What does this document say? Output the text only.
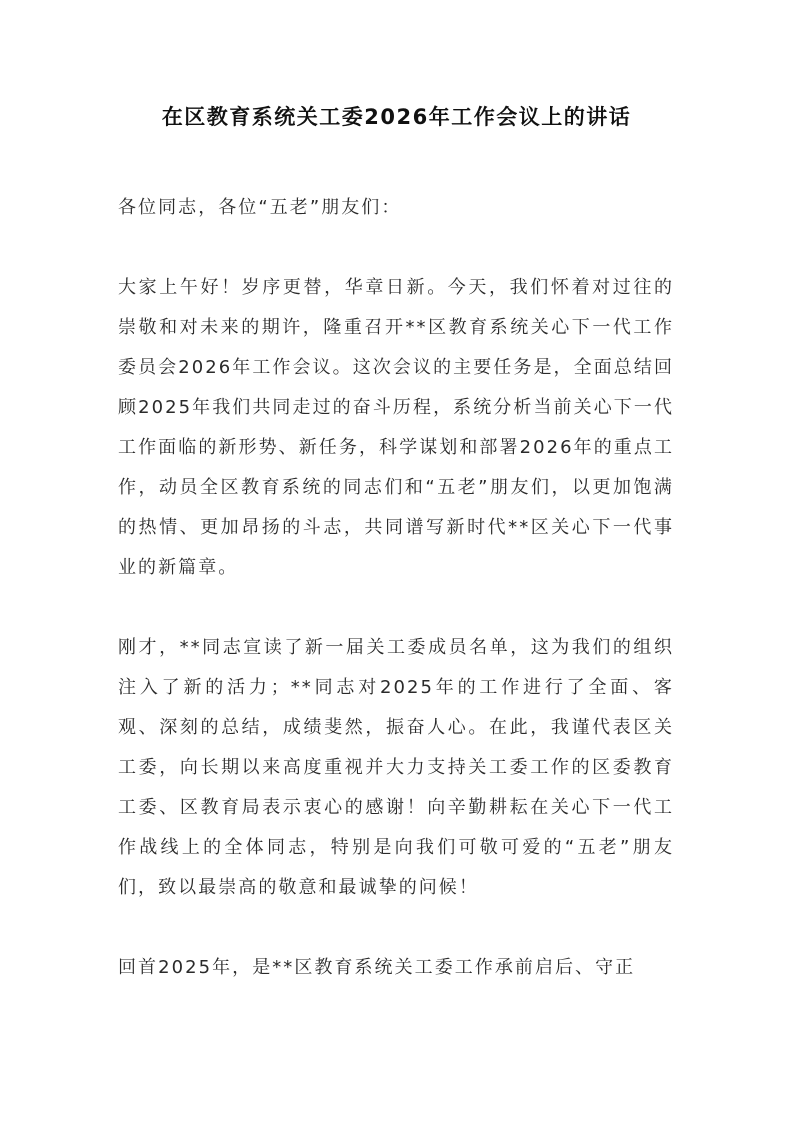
在区教育系统关工委2026年工作会议上的讲话

各位同志，各位“五老”朋友们：

大家上午好！岁序更替，华章日新。今天，我们怀着对过往的崇敬和对未来的期许，隆重召开**区教育系统关心下一代工作委员会2026年工作会议。这次会议的主要任务是，全面总结回顾2025年我们共同走过的奋斗历程，系统分析当前关心下一代工作面临的新形势、新任务，科学谋划和部署2026年的重点工作，动员全区教育系统的同志们和“五老”朋友们，以更加饱满的热情、更加昂扬的斗志，共同谱写新时代**区关心下一代事业的新篇章。

刚才，**同志宣读了新一届关工委成员名单，这为我们的组织注入了新的活力；**同志对2025年的工作进行了全面、客观、深刻的总结，成绩斐然，振奋人心。在此，我谨代表区关工委，向长期以来高度重视并大力支持关工委工作的区委教育工委、区教育局表示衷心的感谢！向辛勤耕耘在关心下一代工作战线上的全体同志，特别是向我们可敬可爱的“五老”朋友们，致以最崇高的敬意和最诚挚的问候！

回首2025年，是**区教育系统关工委工作承前启后、守正
